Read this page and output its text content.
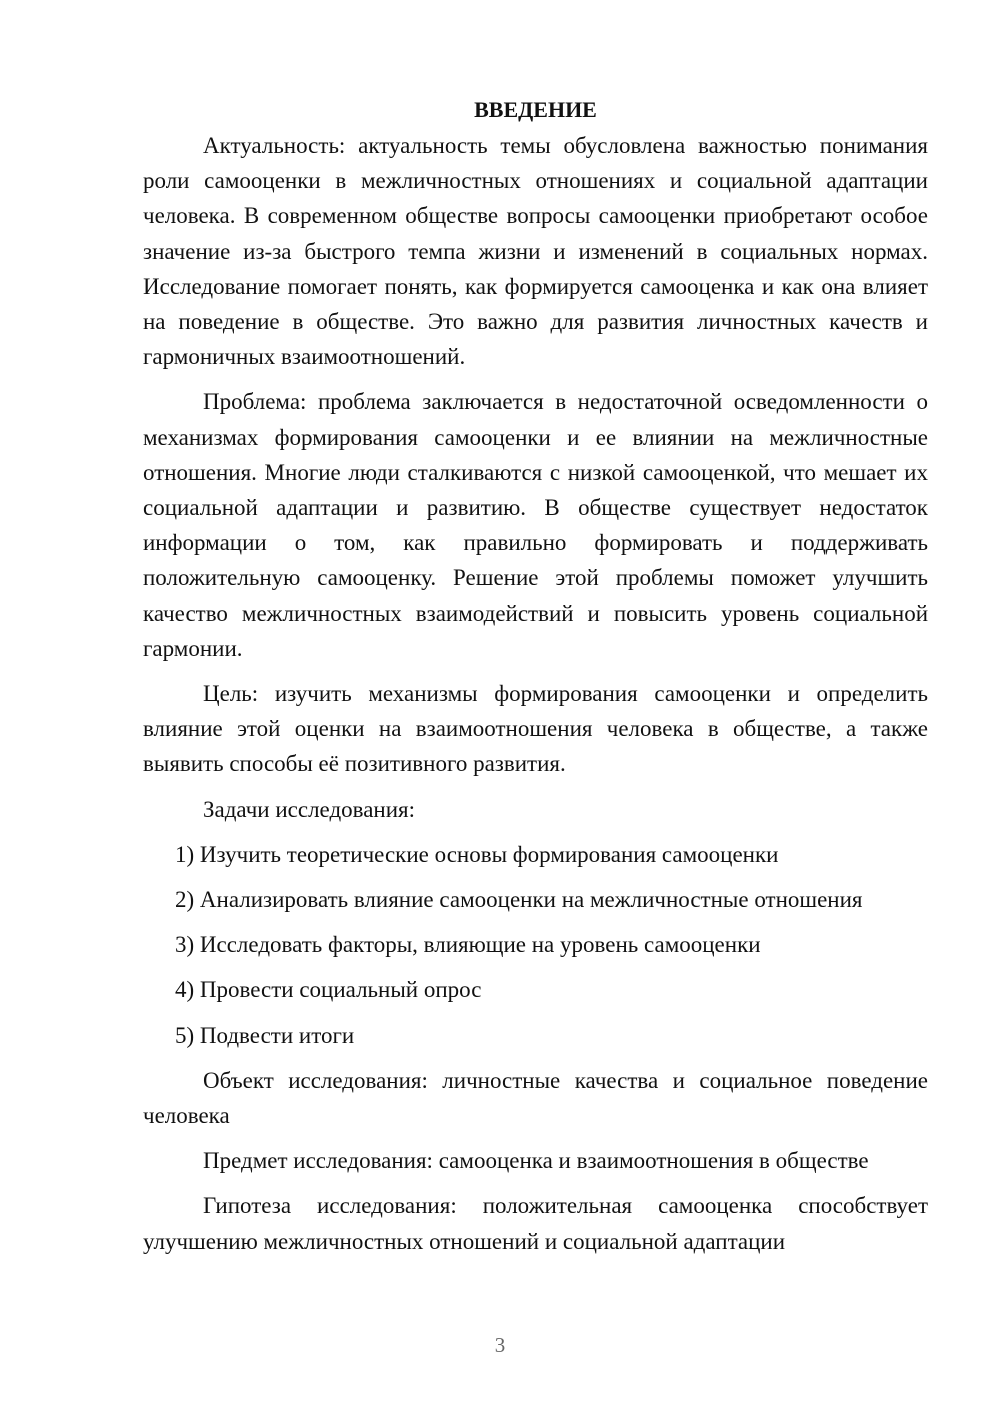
ВВЕДЕНИЕ

Актуальность: актуальность темы обусловлена важностью понимания роли самооценки в межличностных отношениях и социальной адаптации человека. В современном обществе вопросы самооценки приобретают особое значение из-за быстрого темпа жизни и изменений в социальных нормах. Исследование помогает понять, как формируется самооценка и как она влияет на поведение в обществе. Это важно для развития личностных качеств и гармоничных взаимоотношений.

Проблема: проблема заключается в недостаточной осведомленности о механизмах формирования самооценки и ее влиянии на межличностные отношения. Многие люди сталкиваются с низкой самооценкой, что мешает их социальной адаптации и развитию. В обществе существует недостаток информации о том, как правильно формировать и поддерживать положительную самооценку. Решение этой проблемы поможет улучшить качество межличностных взаимодействий и повысить уровень социальной гармонии.

Цель: изучить механизмы формирования самооценки и определить влияние этой оценки на взаимоотношения человека в обществе, а также выявить способы её позитивного развития.

Задачи исследования:
1) Изучить теоретические основы формирования самооценки
2) Анализировать влияние самооценки на межличностные отношения
3) Исследовать факторы, влияющие на уровень самооценки
4) Провести социальный опрос
5) Подвести итоги

Объект исследования: личностные качества и социальное поведение человека

Предмет исследования: самооценка и взаимоотношения в обществе

Гипотеза исследования: положительная самооценка способствует улучшению межличностных отношений и социальной адаптации

3
